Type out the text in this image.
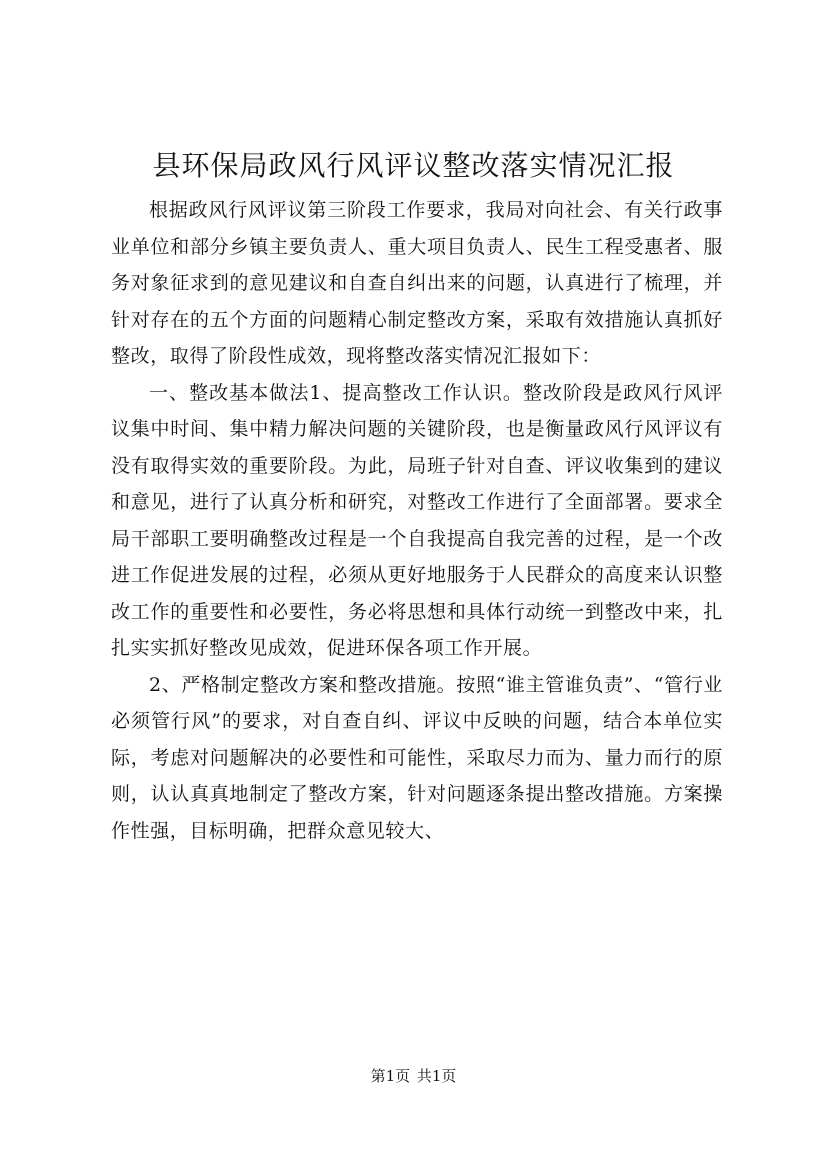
县环保局政风行风评议整改落实情况汇报

根据政风行风评议第三阶段工作要求，我局对向社会、有关行政事业单位和部分乡镇主要负责人、重大项目负责人、民生工程受惠者、服务对象征求到的意见建议和自查自纠出来的问题，认真进行了梳理，并针对存在的五个方面的问题精心制定整改方案，采取有效措施认真抓好整改，取得了阶段性成效，现将整改落实情况汇报如下：

一、整改基本做法1、提高整改工作认识。整改阶段是政风行风评议集中时间、集中精力解决问题的关键阶段，也是衡量政风行风评议有没有取得实效的重要阶段。为此，局班子针对自查、评议收集到的建议和意见，进行了认真分析和研究，对整改工作进行了全面部署。要求全局干部职工要明确整改过程是一个自我提高自我完善的过程，是一个改进工作促进发展的过程，必须从更好地服务于人民群众的高度来认识整改工作的重要性和必要性，务必将思想和具体行动统一到整改中来，扎扎实实抓好整改见成效，促进环保各项工作开展。

2、严格制定整改方案和整改措施。按照“谁主管谁负责”、“管行业必须管行风”的要求，对自查自纠、评议中反映的问题，结合本单位实际，考虑对问题解决的必要性和可能性，采取尽力而为、量力而行的原则，认认真真地制定了整改方案，针对问题逐条提出整改措施。方案操作性强，目标明确，把群众意见较大、

第1页 共1页
